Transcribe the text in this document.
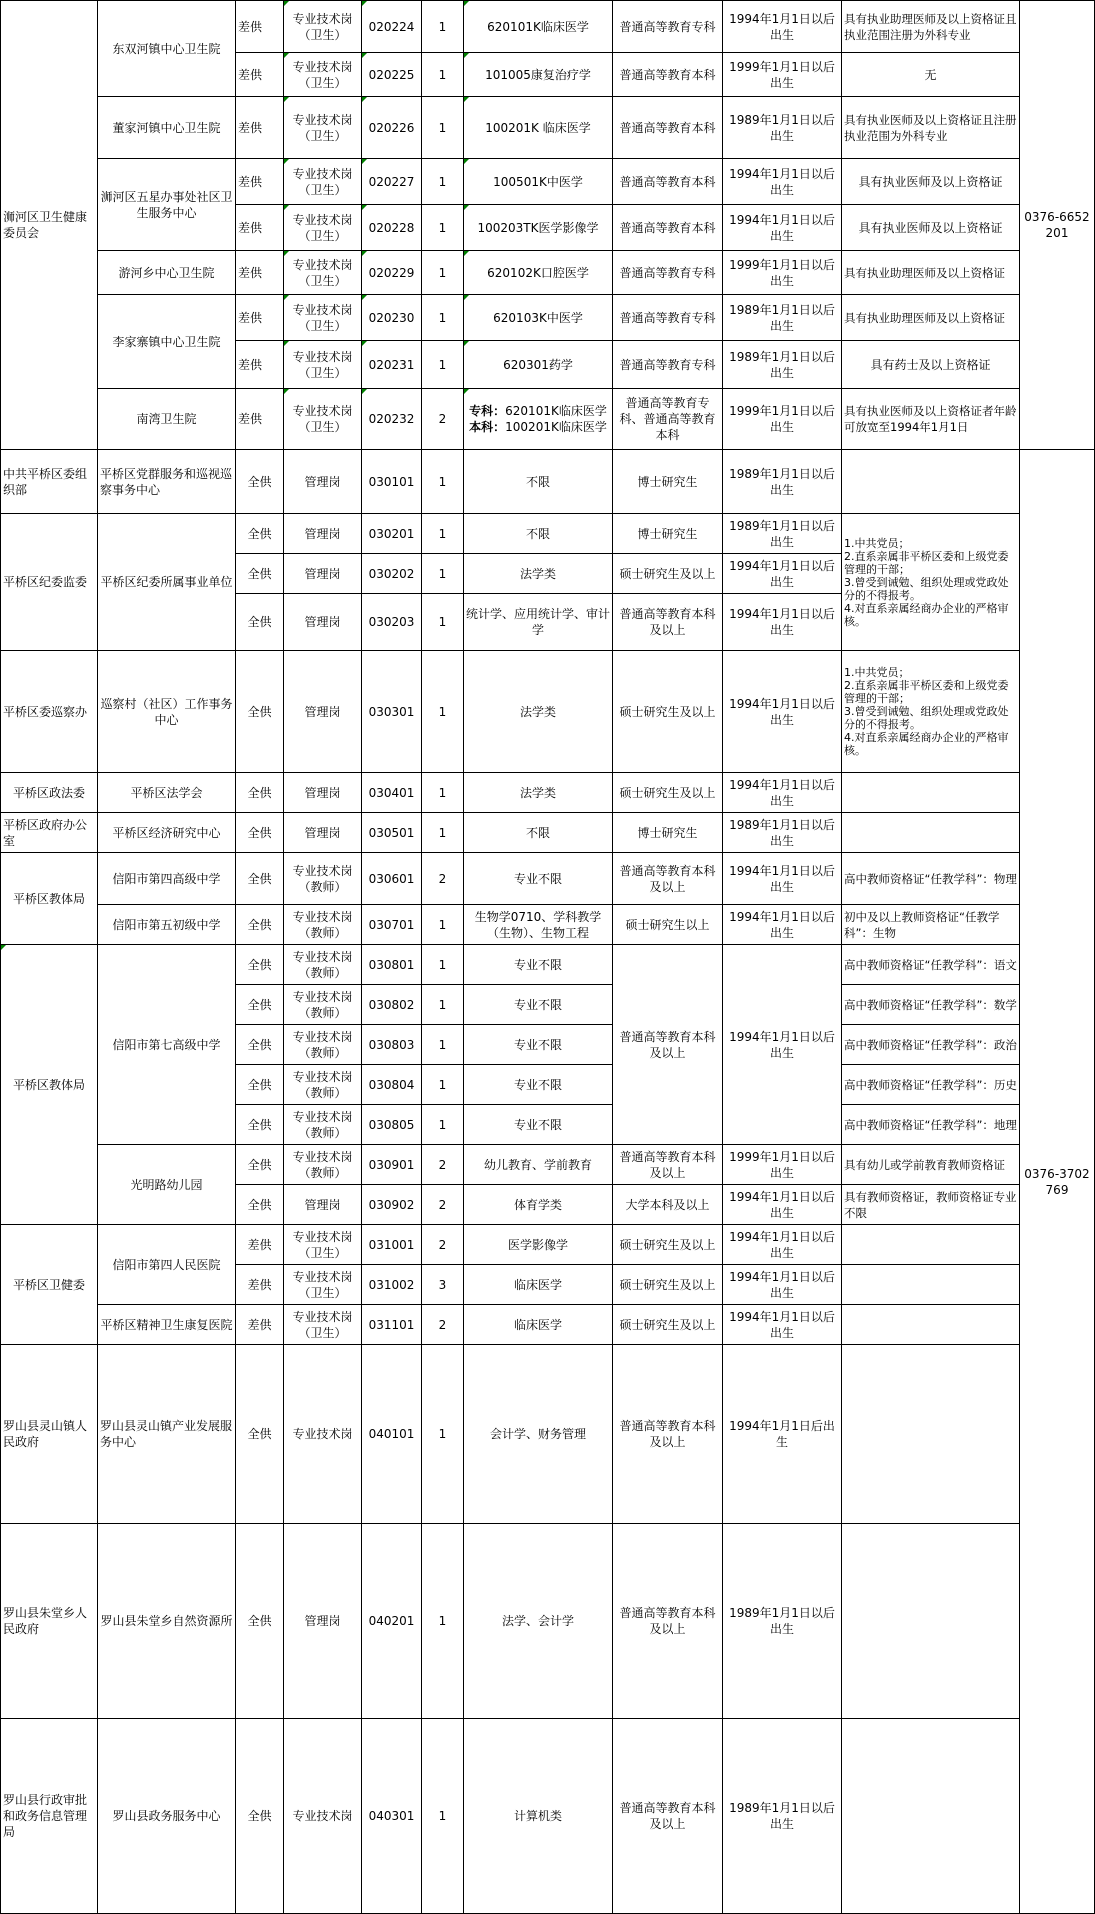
浉河区卫生健康委员会	东双河镇中心卫生院	差供	专业技术岗（卫生）	020224	1	620101K临床医学	普通高等教育专科	1994年1月1日以后出生	具有执业助理医师及以上资格证且执业范围注册为外科专业	0376-6652201	
		差供	专业技术岗（卫生）	020225	1	101005康复治疗学	普通高等教育本科	1999年1月1日以后出生	无		
	董家河镇中心卫生院	差供	专业技术岗（卫生）	020226	1	100201K 临床医学	普通高等教育本科	1989年1月1日以后出生	具有执业医师及以上资格证且注册执业范围为外科专业		
	浉河区五星办事处社区卫生服务中心	差供	专业技术岗（卫生）	020227	1	100501K中医学	普通高等教育本科	1994年1月1日以后出生	具有执业医师及以上资格证		
		差供	专业技术岗（卫生）	020228	1	100203TK医学影像学	普通高等教育本科	1994年1月1日以后出生	具有执业医师及以上资格证		
	游河乡中心卫生院	差供	专业技术岗（卫生）	020229	1	620102K口腔医学	普通高等教育专科	1999年1月1日以后出生	具有执业助理医师及以上资格证		
	李家寨镇中心卫生院	差供	专业技术岗（卫生）	020230	1	620103K中医学	普通高等教育专科	1989年1月1日以后出生	具有执业助理医师及以上资格证		
		差供	专业技术岗（卫生）	020231	1	620301药学	普通高等教育专科	1989年1月1日以后出生	具有药士及以上资格证		
	南湾卫生院	差供	专业技术岗（卫生）	020232	2	专科：620101K临床医学
本科：100201K临床医学	普通高等教育专科、普通高等教育本科	1999年1月1日以后出生	具有执业医师及以上资格证者年龄可放宽至1994年1月1日		
中共平桥区委组织部	平桥区党群服务和巡视巡察事务中心	全供	管理岗	030101	1	不限	博士研究生	1989年1月1日以后出生		0376-3702769	
平桥区纪委监委	平桥区纪委所属事业单位	全供	管理岗	030201	1	不限	博士研究生	1989年1月1日以后出生	1.中共党员；
2.直系亲属非平桥区委和上级党委管理的干部；
3.曾受到诫勉、组织处理或党政处分的不得报考。
4.对直系亲属经商办企业的严格审核。		
		全供	管理岗	030202	1	法学类	硕士研究生及以上	1994年1月1日以后出生			
		全供	管理岗	030203	1	统计学、应用统计学、审计学	普通高等教育本科及以上	1994年1月1日以后出生			
平桥区委巡察办	巡察村（社区）工作事务中心	全供	管理岗	030301	1	法学类	硕士研究生及以上	1994年1月1日以后出生	1.中共党员；
2.直系亲属非平桥区委和上级党委管理的干部；
3.曾受到诫勉、组织处理或党政处分的不得报考。
4.对直系亲属经商办企业的严格审核。		
平桥区政法委	平桥区法学会	全供	管理岗	030401	1	法学类	硕士研究生及以上	1994年1月1日以后出生			
平桥区政府办公室	平桥区经济研究中心	全供	管理岗	030501	1	不限	博士研究生	1989年1月1日以后出生			
平桥区教体局	信阳市第四高级中学	全供	专业技术岗（教师）	030601	2	专业不限	普通高等教育本科及以上	1994年1月1日以后出生	高中教师资格证“任教学科”：物理		
	信阳市第五初级中学	全供	专业技术岗（教师）	030701	1	生物学0710、学科教学（生物）、生物工程	硕士研究生以上	1994年1月1日以后出生	初中及以上教师资格证“任教学科”：生物		
平桥区教体局	信阳市第七高级中学	全供	专业技术岗（教师）	030801	1	专业不限	普通高等教育本科及以上	1994年1月1日以后出生	高中教师资格证“任教学科”：语文		
		全供	专业技术岗（教师）	030802	1	专业不限			高中教师资格证“任教学科”：数学		
		全供	专业技术岗（教师）	030803	1	专业不限			高中教师资格证“任教学科”：政治		
		全供	专业技术岗（教师）	030804	1	专业不限			高中教师资格证“任教学科”：历史		
		全供	专业技术岗（教师）	030805	1	专业不限			高中教师资格证“任教学科”：地理		
	光明路幼儿园	全供	专业技术岗（教师）	030901	2	幼儿教育、学前教育	普通高等教育本科及以上	1999年1月1日以后出生	具有幼儿或学前教育教师资格证		
		全供	管理岗	030902	2	体育学类	大学本科及以上	1994年1月1日以后出生	具有教师资格证，教师资格证专业不限		
平桥区卫健委	信阳市第四人民医院	差供	专业技术岗（卫生）	031001	2	医学影像学	硕士研究生及以上	1994年1月1日以后出生			
		差供	专业技术岗（卫生）	031002	3	临床医学	硕士研究生及以上	1994年1月1日以后出生			
	平桥区精神卫生康复医院	差供	专业技术岗（卫生）	031101	2	临床医学	硕士研究生及以上	1994年1月1日以后出生			
罗山县灵山镇人民政府	罗山县灵山镇产业发展服务中心	全供	专业技术岗	040101	1	会计学、财务管理	普通高等教育本科及以上	1994年1月1日后出生		
罗山县朱堂乡人民政府	罗山县朱堂乡自然资源所	全供	管理岗	040201	1	法学、会计学	普通高等教育本科及以上	1989年1月1日以后出生		
罗山县行政审批和政务信息管理局	罗山县政务服务中心	全供	专业技术岗	040301	1	计算机类	普通高等教育本科及以上	1989年1月1日以后出生		
